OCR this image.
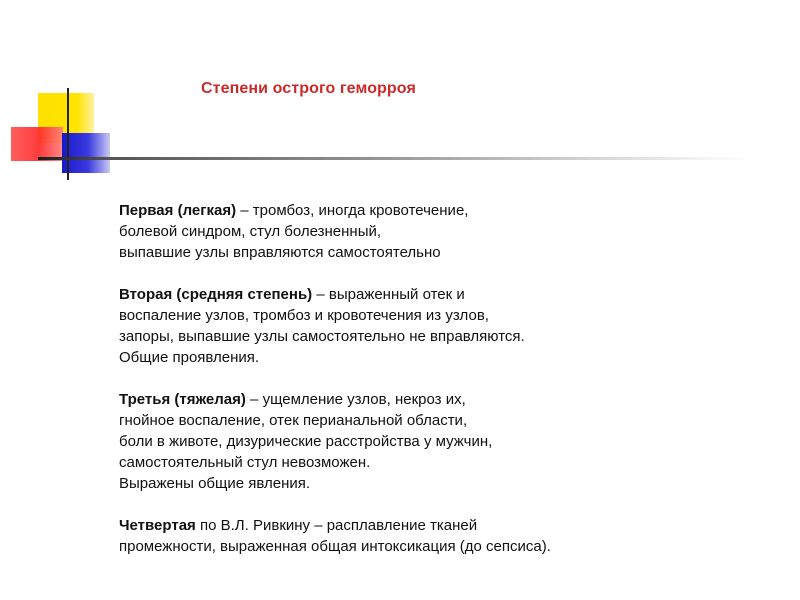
Степени острого геморроя

Первая (легкая) – тромбоз, иногда кровотечение,
болевой синдром, стул болезненный,
выпавшие узлы вправляются самостоятельно

Вторая (средняя степень) – выраженный отек и
воспаление узлов, тромбоз и кровотечения из узлов,
запоры, выпавшие узлы самостоятельно не вправляются.
Общие проявления.

Третья (тяжелая) – ущемление узлов, некроз их,
гнойное воспаление, отек перианальной области,
боли в животе, дизурические расстройства у мужчин,
самостоятельный стул невозможен.
Выражены общие явления.

Четвертая по В.Л. Ривкину – расплавление тканей
промежности, выраженная общая интоксикация (до сепсиса).
